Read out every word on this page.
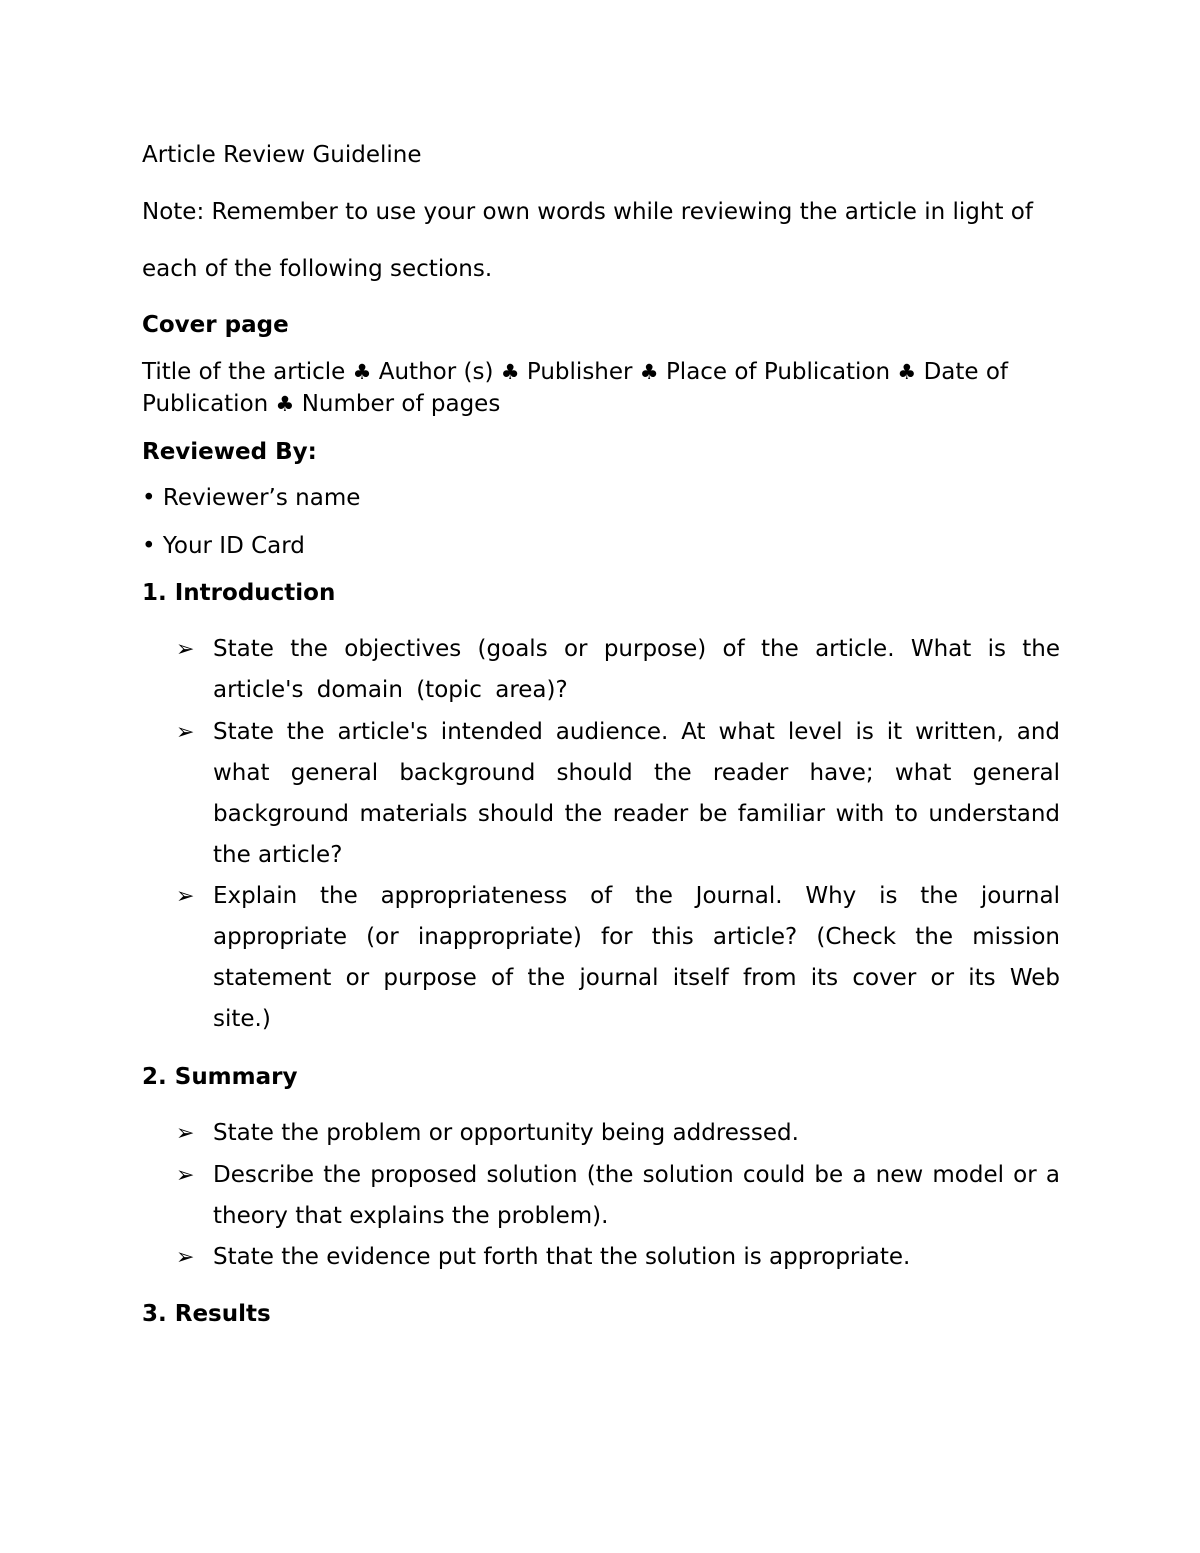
Article Review Guideline
Note: Remember to use your own words while reviewing the article in light of
each of the following sections.
Cover page
Title of the article ♣ Author (s) ♣ Publisher ♣ Place of Publication ♣ Date of
Publication ♣ Number of pages
Reviewed By:
• Reviewer’s name
• Your ID Card
1. Introduction
➢ State the objectives (goals or purpose) of the article. What is the article's domain (topic area)?
➢ State the article's intended audience. At what level is it written, and what general background should the reader have; what general background materials should the reader be familiar with to understand the article?
➢ Explain the appropriateness of the Journal. Why is the journal appropriate (or inappropriate) for this article? (Check the mission statement or purpose of the journal itself from its cover or its Web site.)
2. Summary
➢ State the problem or opportunity being addressed.
➢ Describe the proposed solution (the solution could be a new model or a theory that explains the problem).
➢ State the evidence put forth that the solution is appropriate.
3. Results
